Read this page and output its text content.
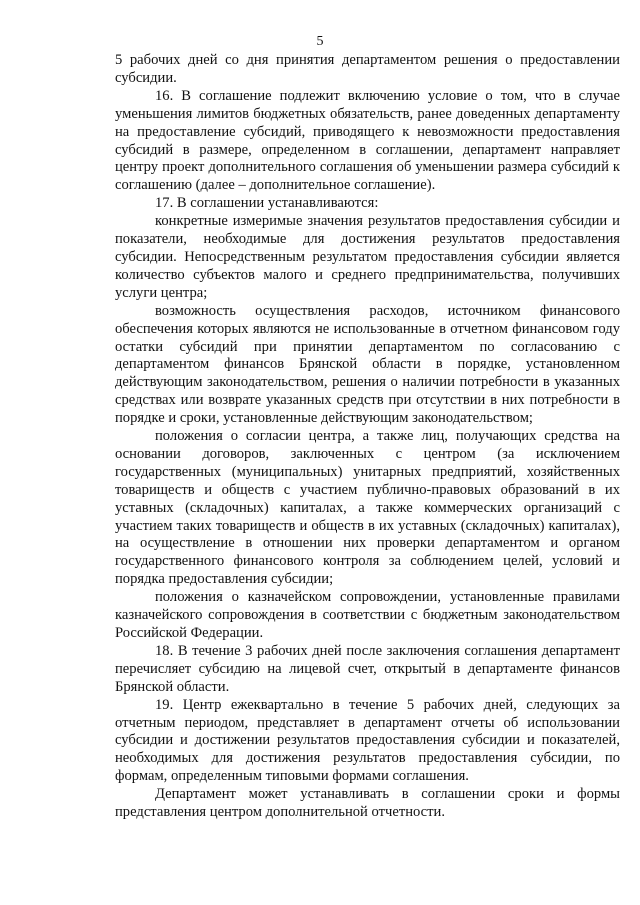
5

5 рабочих дней со дня принятия департаментом решения о предоставлении субсидии.

16. В соглашение подлежит включению условие о том, что в случае уменьшения лимитов бюджетных обязательств, ранее доведенных департаменту на предоставление субсидий, приводящего к невозможности предоставления субсидий в размере, определенном в соглашении, департамент направляет центру проект дополнительного соглашения об уменьшении размера субсидий к соглашению (далее – дополнительное соглашение).

17. В соглашении устанавливаются:

конкретные измеримые значения результатов предоставления субсидии и показатели, необходимые для достижения результатов предоставления субсидии. Непосредственным результатом предоставления субсидии является количество субъектов малого и среднего предпринимательства, получивших услуги центра;

возможность осуществления расходов, источником финансового обеспечения которых являются не использованные в отчетном финансовом году остатки субсидий при принятии департаментом по согласованию с департаментом финансов Брянской области в порядке, установленном действующим законодательством, решения о наличии потребности в указанных средствах или возврате указанных средств при отсутствии в них потребности в порядке и сроки, установленные действующим законодательством;

положения о согласии центра, а также лиц, получающих средства на основании договоров, заключенных с центром (за исключением государственных (муниципальных) унитарных предприятий, хозяйственных товариществ и обществ с участием публично-правовых образований в их уставных (складочных) капиталах, а также коммерческих организаций с участием таких товариществ и обществ в их уставных (складочных) капиталах), на осуществление в отношении них проверки департаментом и органом государственного финансового контроля за соблюдением целей, условий и порядка предоставления субсидии;

положения о казначейском сопровождении, установленные правилами казначейского сопровождения в соответствии с бюджетным законодательством Российской Федерации.

18. В течение 3 рабочих дней после заключения соглашения департамент перечисляет субсидию на лицевой счет, открытый в департаменте финансов Брянской области.

19. Центр ежеквартально в течение 5 рабочих дней, следующих за отчетным периодом, представляет в департамент отчеты об использовании субсидии и достижении результатов предоставления субсидии и показателей, необходимых для достижения результатов предоставления субсидии, по формам, определенным типовыми формами соглашения.

Департамент может устанавливать в соглашении сроки и формы представления центром дополнительной отчетности.
